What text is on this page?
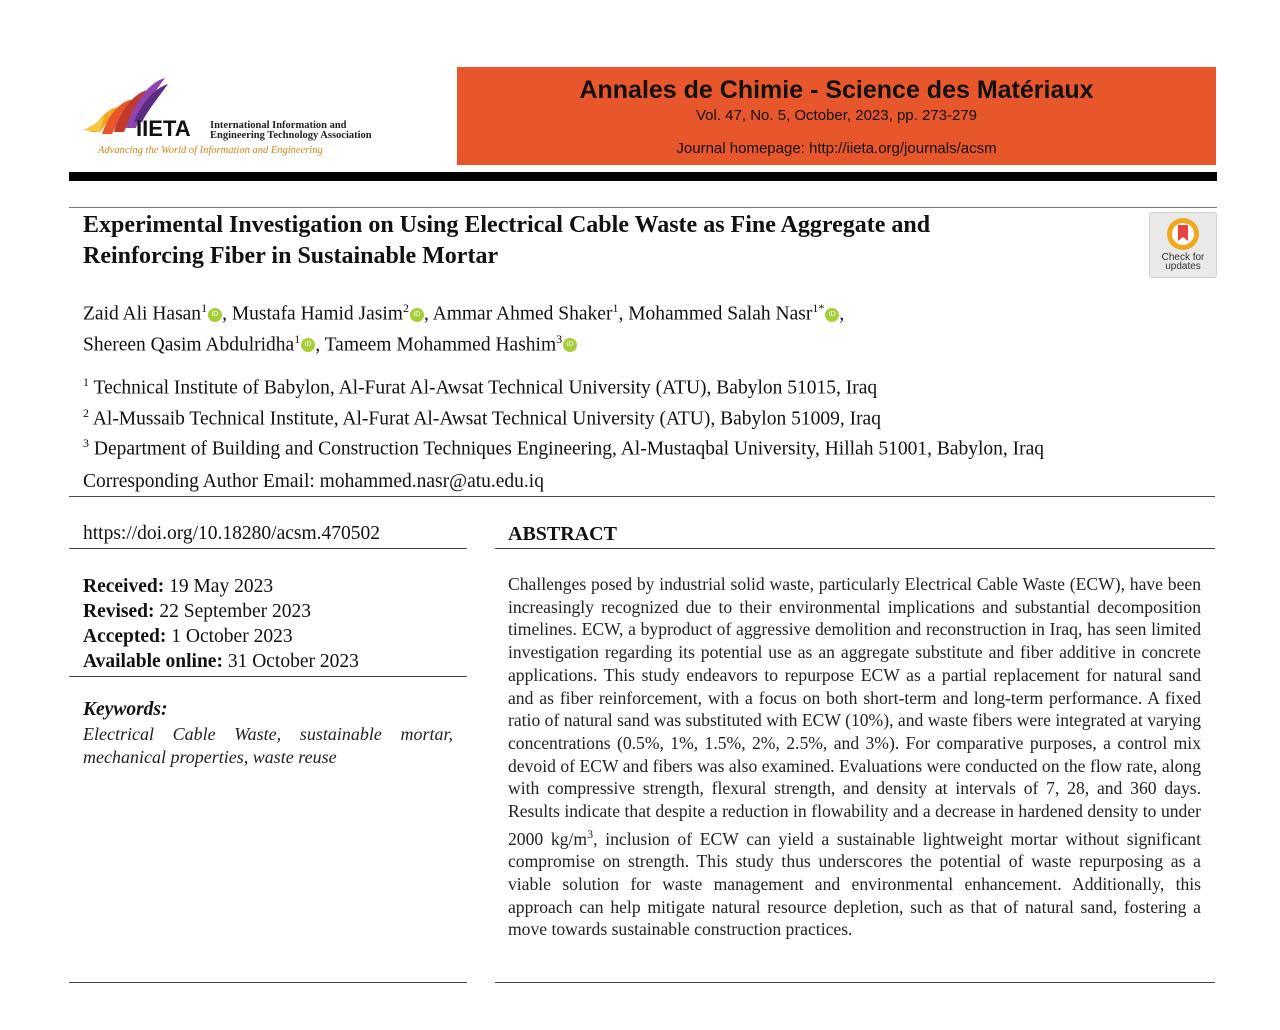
IIETA International Information and
Engineering Technology Association
Advancing the World of Information and Engineering
Annales de Chimie - Science des Matériaux
Vol. 47, No. 5, October, 2023, pp. 273-279
Journal homepage: http://iieta.org/journals/acsm
Experimental Investigation on Using Electrical Cable Waste as Fine Aggregate and
Reinforcing Fiber in Sustainable Mortar	Check for
updates
Zaid Ali Hasan$^1$ iD , Mustafa Hamid Jasim$^2$ iD , Ammar Ahmed Shaker$^1$, Mohammed Salah Nasr$^{1*}$ iD ,
Shereen Qasim Abdulridha$^1$ iD , Tameem Mohammed Hashim$^3$ iD
$^1$ Technical Institute of Babylon, Al-Furat Al-Awsat Technical University (ATU), Babylon 51015, Iraq
$^2$ Al-Mussaib Technical Institute, Al-Furat Al-Awsat Technical University (ATU), Babylon 51009, Iraq
$^3$ Department of Building and Construction Techniques Engineering, Al-Mustaqbal University, Hillah 51001, Babylon, Iraq
Corresponding Author Email: mohammed.nasr@atu.edu.iq
https://doi.org/10.18280/acsm.470502
Received: 19 May 2023
Revised: 22 September 2023
Accepted: 1 October 2023
Available online: 31 October 2023
Keywords:
Electrical Cable Waste, sustainable mortar, mechanical properties, waste reuse
ABSTRACT
Challenges posed by industrial solid waste, particularly Electrical Cable Waste (ECW), have been increasingly recognized due to their environmental implications and substantial decomposition timelines. ECW, a byproduct of aggressive demolition and reconstruction in Iraq, has seen limited investigation regarding its potential use as an aggregate substitute and fiber additive in concrete applications. This study endeavors to repurpose ECW as a partial replacement for natural sand and as fiber reinforcement, with a focus on both short-term and long-term performance. A fixed ratio of natural sand was substituted with ECW (10%), and waste fibers were integrated at varying concentrations (0.5%, 1%, 1.5%, 2%, 2.5%, and 3%). For comparative purposes, a control mix devoid of ECW and fibers was also examined. Evaluations were conducted on the flow rate, along with compressive strength, flexural strength, and density at intervals of 7, 28, and 360 days. Results indicate that despite a reduction in flowability and a decrease in hardened density to under 2000 $kg/m^3$, inclusion of ECW can yield a sustainable lightweight mortar without significant compromise on strength. This study thus underscores the potential of waste repurposing as a viable solution for waste management and environmental enhancement. Additionally, this approach can help mitigate natural resource depletion, such as that of natural sand, fostering a move towards sustainable construction practices.
